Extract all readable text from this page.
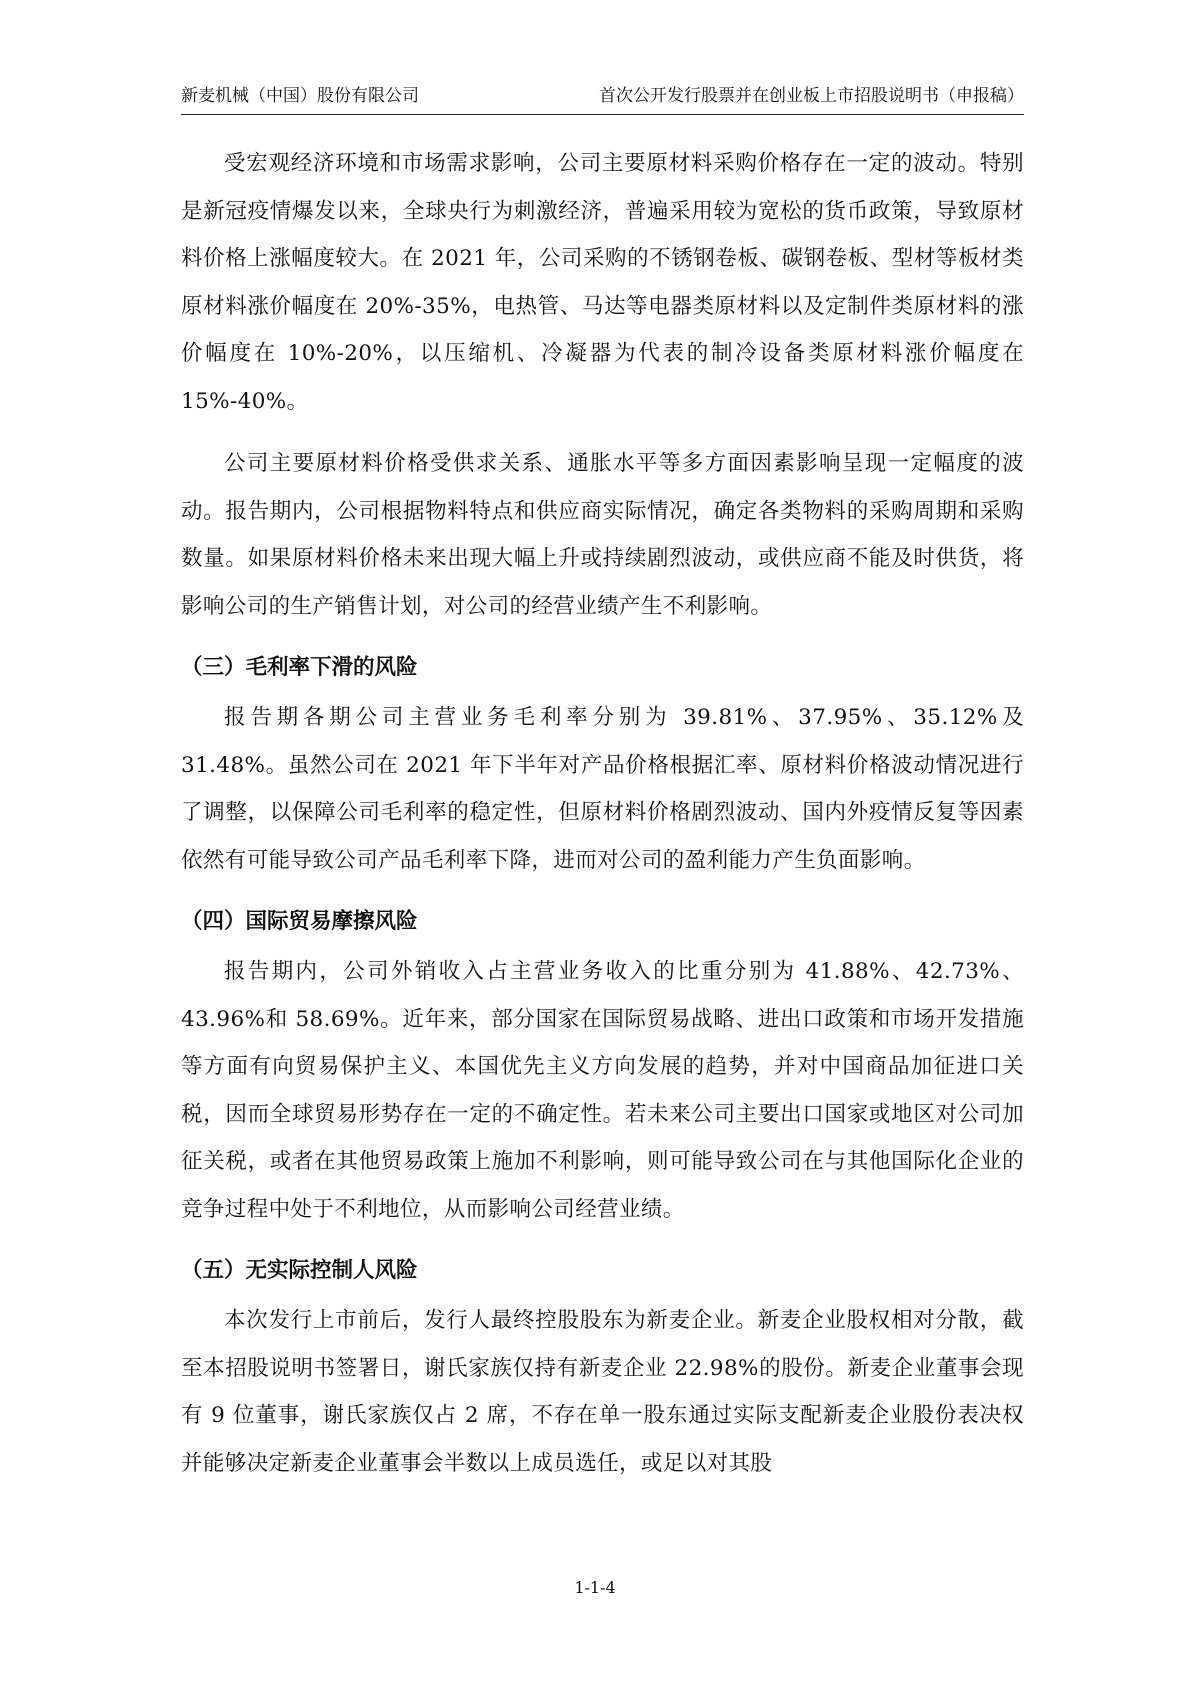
新麦机械（中国）股份有限公司	首次公开发行股票并在创业板上市招股说明书（申报稿）

受宏观经济环境和市场需求影响，公司主要原材料采购价格存在一定的波动。特别是新冠疫情爆发以来，全球央行为刺激经济，普遍采用较为宽松的货币政策，导致原材料价格上涨幅度较大。在 2021 年，公司采购的不锈钢卷板、碳钢卷板、型材等板材类原材料涨价幅度在 20%-35%，电热管、马达等电器类原材料以及定制件类原材料的涨价幅度在 10%-20%，以压缩机、冷凝器为代表的制冷设备类原材料涨价幅度在 15%-40%。

公司主要原材料价格受供求关系、通胀水平等多方面因素影响呈现一定幅度的波动。报告期内，公司根据物料特点和供应商实际情况，确定各类物料的采购周期和采购数量。如果原材料价格未来出现大幅上升或持续剧烈波动，或供应商不能及时供货，将影响公司的生产销售计划，对公司的经营业绩产生不利影响。

（三）毛利率下滑的风险

报告期各期公司主营业务毛利率分别为 39.81%、37.95%、35.12%及 31.48%。虽然公司在 2021 年下半年对产品价格根据汇率、原材料价格波动情况进行了调整，以保障公司毛利率的稳定性，但原材料价格剧烈波动、国内外疫情反复等因素依然有可能导致公司产品毛利率下降，进而对公司的盈利能力产生负面影响。

（四）国际贸易摩擦风险

报告期内，公司外销收入占主营业务收入的比重分别为 41.88%、42.73%、43.96%和 58.69%。近年来，部分国家在国际贸易战略、进出口政策和市场开发措施等方面有向贸易保护主义、本国优先主义方向发展的趋势，并对中国商品加征进口关税，因而全球贸易形势存在一定的不确定性。若未来公司主要出口国家或地区对公司加征关税，或者在其他贸易政策上施加不利影响，则可能导致公司在与其他国际化企业的竞争过程中处于不利地位，从而影响公司经营业绩。

（五）无实际控制人风险

本次发行上市前后，发行人最终控股股东为新麦企业。新麦企业股权相对分散，截至本招股说明书签署日，谢氏家族仅持有新麦企业 22.98%的股份。新麦企业董事会现有 9 位董事，谢氏家族仅占 2 席，不存在单一股东通过实际支配新麦企业股份表决权并能够决定新麦企业董事会半数以上成员选任，或足以对其股

1-1-4
